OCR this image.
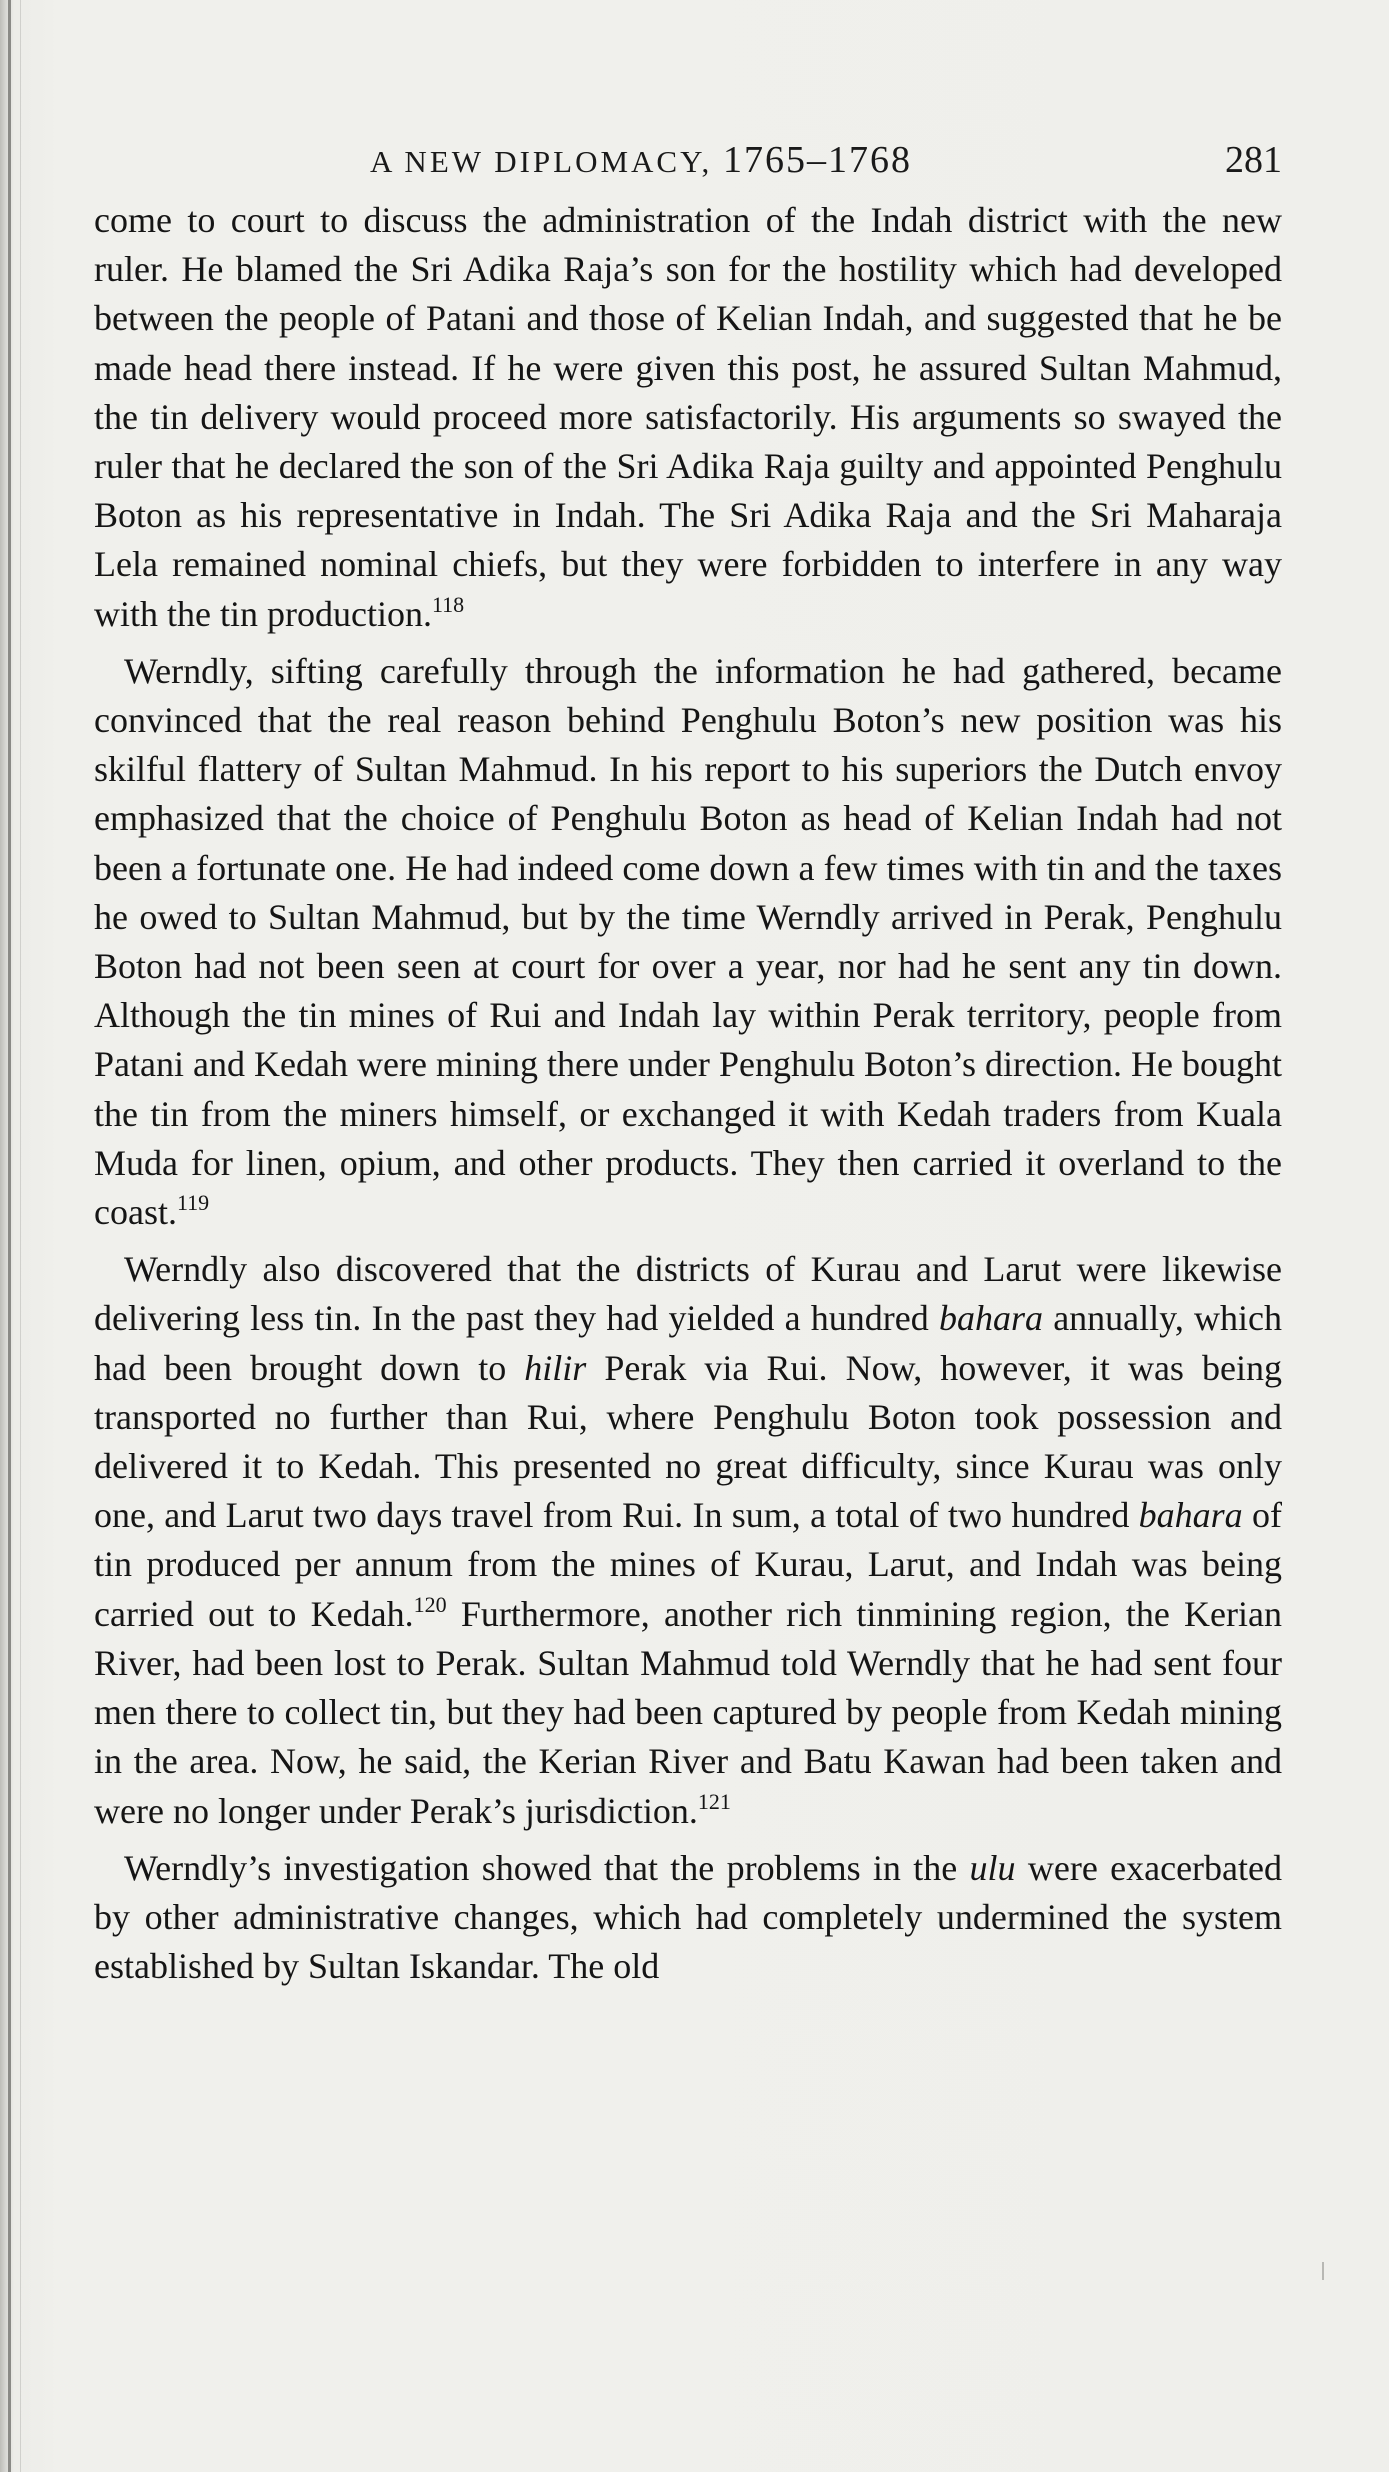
A NEW DIPLOMACY, 1765–1768	281

come to court to discuss the administration of the Indah district with the new ruler. He blamed the Sri Adika Raja’s son for the hostility which had developed between the people of Patani and those of Kelian Indah, and suggested that he be made head there instead. If he were given this post, he assured Sultan Mahmud, the tin delivery would proceed more satisfactorily. His arguments so swayed the ruler that he declared the son of the Sri Adika Raja guilty and appointed Penghulu Boton as his representative in Indah. The Sri Adika Raja and the Sri Maharaja Lela remained nominal chiefs, but they were forbidden to interfere in any way with the tin production.$^{118}$

Werndly, sifting carefully through the information he had gathered, became convinced that the real reason behind Penghulu Boton’s new position was his skilful flattery of Sultan Mahmud. In his report to his superiors the Dutch envoy emphasized that the choice of Penghulu Boton as head of Kelian Indah had not been a fortunate one. He had indeed come down a few times with tin and the taxes he owed to Sultan Mahmud, but by the time Werndly arrived in Perak, Penghulu Boton had not been seen at court for over a year, nor had he sent any tin down. Although the tin mines of Rui and Indah lay within Perak territory, people from Patani and Kedah were mining there under Penghulu Boton’s direction. He bought the tin from the miners himself, or exchanged it with Kedah traders from Kuala Muda for linen, opium, and other products. They then carried it overland to the coast.$^{119}$

Werndly also discovered that the districts of Kurau and Larut were likewise delivering less tin. In the past they had yielded a hundred bahara annually, which had been brought down to hilir Perak via Rui. Now, however, it was being transported no further than Rui, where Penghulu Boton took possession and delivered it to Kedah. This presented no great difficulty, since Kurau was only one, and Larut two days travel from Rui. In sum, a total of two hundred bahara of tin produced per annum from the mines of Kurau, Larut, and Indah was being carried out to Kedah.$^{120}$ Furthermore, another rich tinmining region, the Kerian River, had been lost to Perak. Sultan Mahmud told Werndly that he had sent four men there to collect tin, but they had been captured by people from Kedah mining in the area. Now, he said, the Kerian River and Batu Kawan had been taken and were no longer under Perak’s jurisdiction.$^{121}$

Werndly’s investigation showed that the problems in the ulu were exacerbated by other administrative changes, which had completely undermined the system established by Sultan Iskandar. The old
